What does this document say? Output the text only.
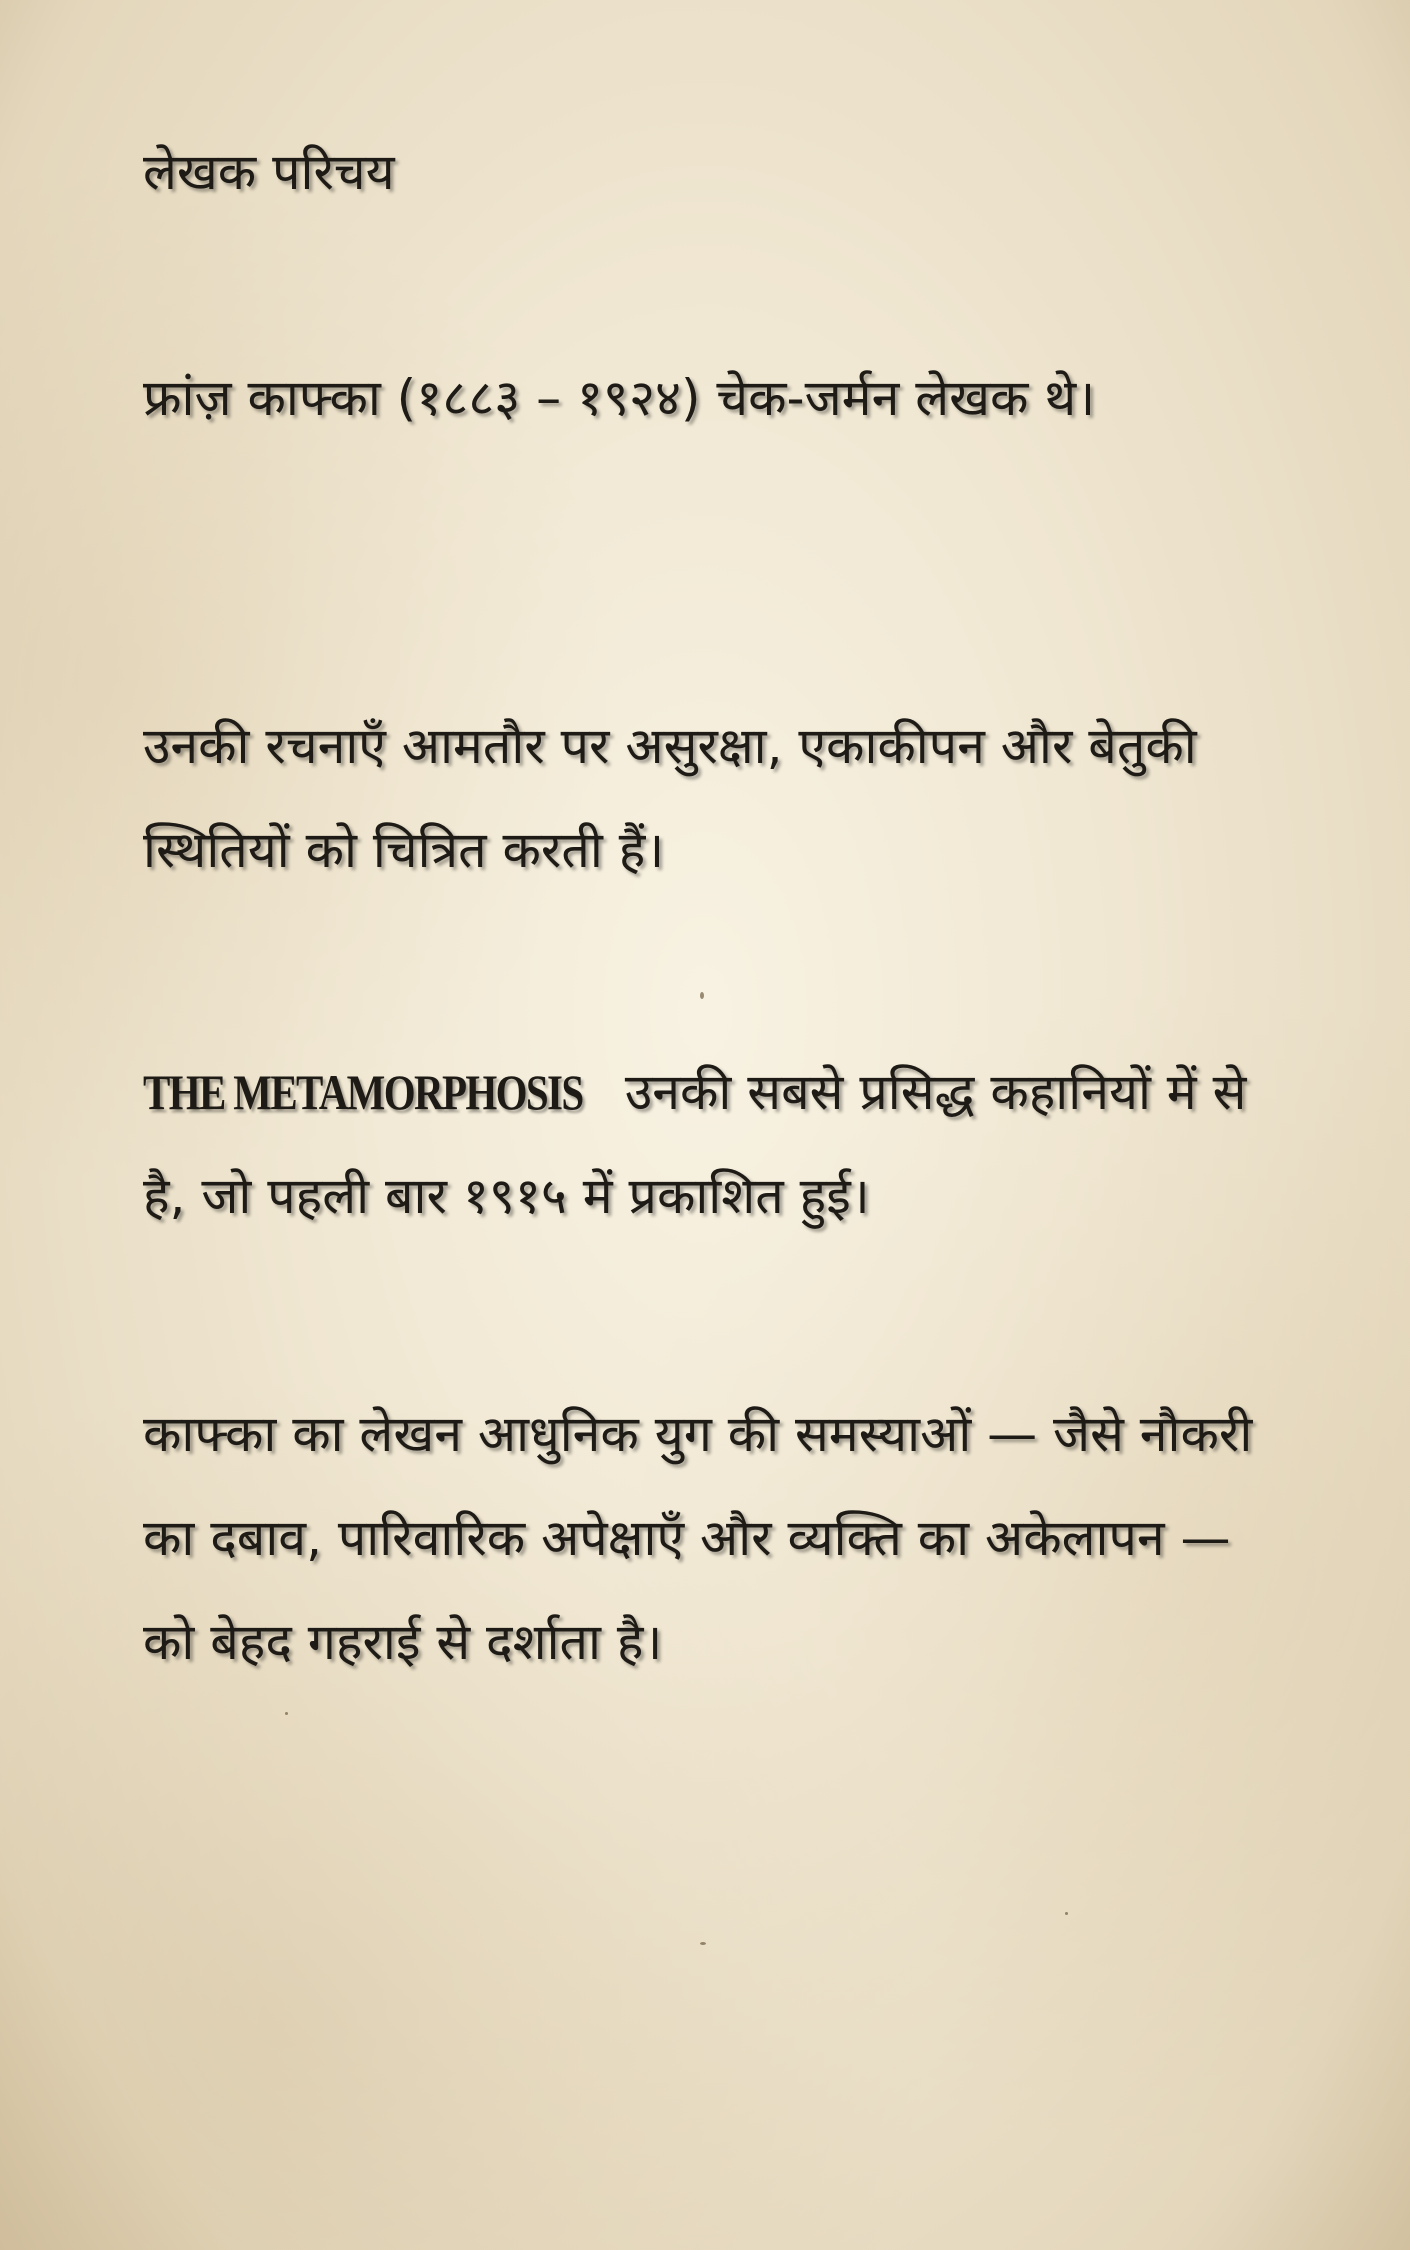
लेखक परिचय

फ्रांज़ काफ्का (१८८३ – १९२४) चेक-जर्मन लेखक थे।

उनकी रचनाएँ आमतौर पर असुरक्षा, एकाकीपन और बेतुकी स्थितियों को चित्रित करती हैं।

THE METAMORPHOSIS उनकी सबसे प्रसिद्ध कहानियों में से है, जो पहली बार १९१५ में प्रकाशित हुई।

काफ्का का लेखन आधुनिक युग की समस्याओं — जैसे नौकरी का दबाव, पारिवारिक अपेक्षाएँ और व्यक्ति का अकेलापन — को बेहद गहराई से दर्शाता है।
